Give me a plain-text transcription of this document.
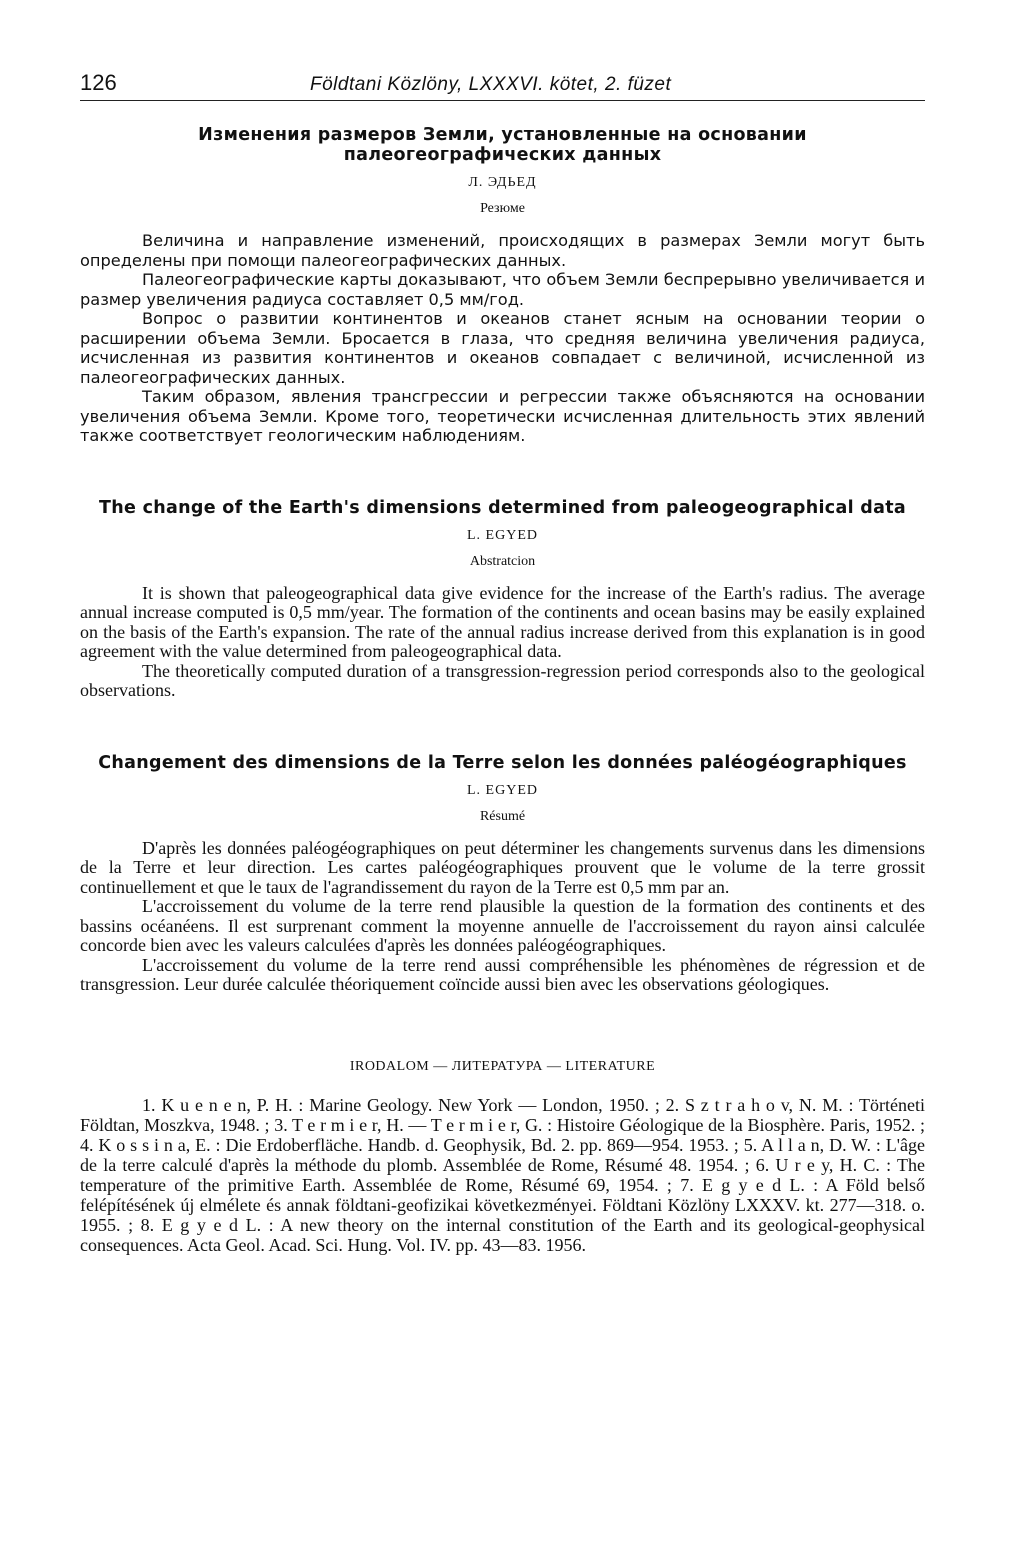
126	Földtani Közlöny, LXXXVI. kötet, 2. füzet
Изменения размеров Земли, установленные на основании палеогеографических данных
Л. ЭДЬЕД
Резюме

Величина и направление изменений, происходящих в размерах Земли могут быть определены при помощи палеогеографических данных.

Палеогеографические карты доказывают, что объем Земли беспрерывно увеличивается и размер увеличения радиуса составляет 0,5 мм/год.

Вопрос о развитии континентов и океанов станет ясным на основании теории о расширении объема Земли. Бросается в глаза, что средняя величина увеличения радиуса, исчисленная из развития континентов и океанов совпадает с величиной, исчисленной из палеогеографических данных.

Таким образом, явления трансгрессии и регрессии также объясняются на основании увеличения объема Земли. Кроме того, теоретически исчисленная длительность этих явлений также соответствует геологическим наблюдениям.

The change of the Earth's dimensions determined from paleogeographical data
L. EGYED
Abstratcion

It is shown that paleogeographical data give evidence for the increase of the Earth's radius. The average annual increase computed is 0,5 mm/year. The formation of the continents and ocean basins may be easily explained on the basis of the Earth's expansion. The rate of the annual radius increase derived from this explanation is in good agreement with the value determined from paleogeographical data.

The theoretically computed duration of a transgression-regression period corresponds also to the geological observations.

Changement des dimensions de la Terre selon les données paléogéographiques
L. EGYED
Résumé

D'après les données paléogéographiques on peut déterminer les changements survenus dans les dimensions de la Terre et leur direction. Les cartes paléogéographiques prouvent que le volume de la terre grossit continuellement et que le taux de l'agrandissement du rayon de la Terre est 0,5 mm par an.

L'accroissement du volume de la terre rend plausible la question de la formation des continents et des bassins océanéens. Il est surprenant comment la moyenne annuelle de l'accroissement du rayon ainsi calculée concorde bien avec les valeurs calculées d'après les données paléogéographiques.

L'accroissement du volume de la terre rend aussi compréhensible les phénomènes de régression et de transgression. Leur durée calculée théoriquement coïncide aussi bien avec les observations géologiques.

IRODALOM — ЛИТЕРАТУРА — LITERATURE

1. K u e n e n, P. H. : Marine Geology. New York — London, 1950. ; 2. S z t r a h o v, N. M. : Történeti Földtan, Moszkva, 1948. ; 3. T e r m i e r, H. — T e r m i e r, G. : Histoire Géologique de la Biosphère. Paris, 1952. ; 4. K o s s i n a, E. : Die Erdoberfläche. Handb. d. Geophysik, Bd. 2. pp. 869—954. 1953. ; 5. A l l a n, D. W. : L'âge de la terre calculé d'après la méthode du plomb. Assemblée de Rome, Résumé 48. 1954. ; 6. U r e y, H. C. : The temperature of the primitive Earth. Assemblée de Rome, Résumé 69, 1954. ; 7. E g y e d L. : A Föld belső felépítésének új elmélete és annak földtani-geofizikai következményei. Földtani Közlöny LXXXV. kt. 277—318. o. 1955. ; 8. E g y e d L. : A new theory on the internal constitution of the Earth and its geological-geophysical consequences. Acta Geol. Acad. Sci. Hung. Vol. IV. pp. 43—83. 1956.
